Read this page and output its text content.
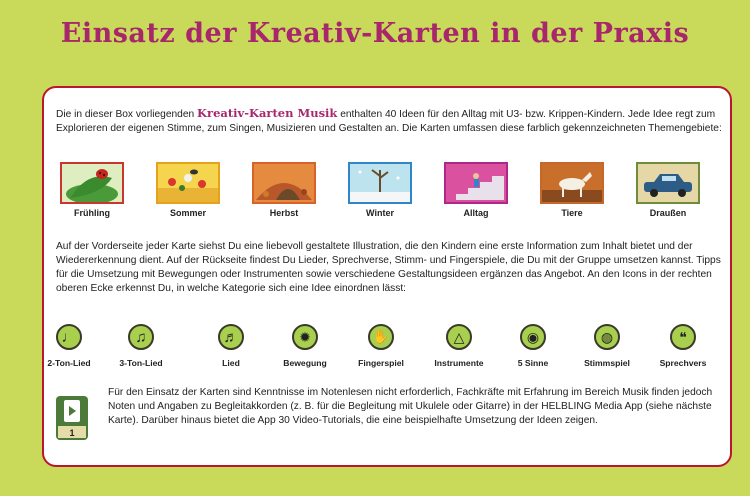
Einsatz der Kreativ-Karten in der Praxis
Die in dieser Box vorliegenden Kreativ-Karten Musik enthalten 40 Ideen für den Alltag mit U3- bzw. Krippen-Kindern. Jede Idee regt zum Explorieren der eigenen Stimme, zum Singen, Musizieren und Gestalten an. Die Karten umfassen diese farblich gekennzeichneten Themengebiete:
Frühling	Sommer	Herbst	Winter	Alltag	Tiere	Draußen
Auf der Vorderseite jeder Karte siehst Du eine liebevoll gestaltete Illustration, die den Kindern eine erste Information zum Inhalt bietet und der Wiedererkennung dient. Auf der Rückseite findest Du Lieder, Sprechverse, Stimm- und Fingerspiele, die Du mit der Gruppe umsetzen kannst. Tipps für die Umsetzung mit Bewegungen oder Instrumenten sowie verschiedene Gestaltungsideen ergänzen das Angebot. An den Icons in der rechten oberen Ecke erkennst Du, in welche Kategorie sich eine Idee einordnen lässt:
♩
2-Ton-Lied
♫
3-Ton-Lied
♬
Lied
✹
Bewegung
✋
Fingerspiel
△
Instrumente
◉
5 Sinne
◍
Stimmspiel
❝
Sprechvers
1
Für den Einsatz der Karten sind Kenntnisse im Notenlesen nicht erforderlich, Fachkräfte mit Erfahrung im Bereich Musik finden jedoch Noten und Angaben zu Begleitakkorden (z. B. für die Begleitung mit Ukulele oder Gitarre) in der HELBLING Media App (siehe nächste Karte). Darüber hinaus bietet die App 30 Video-Tutorials, die eine beispielhafte Umsetzung der Ideen zeigen.
